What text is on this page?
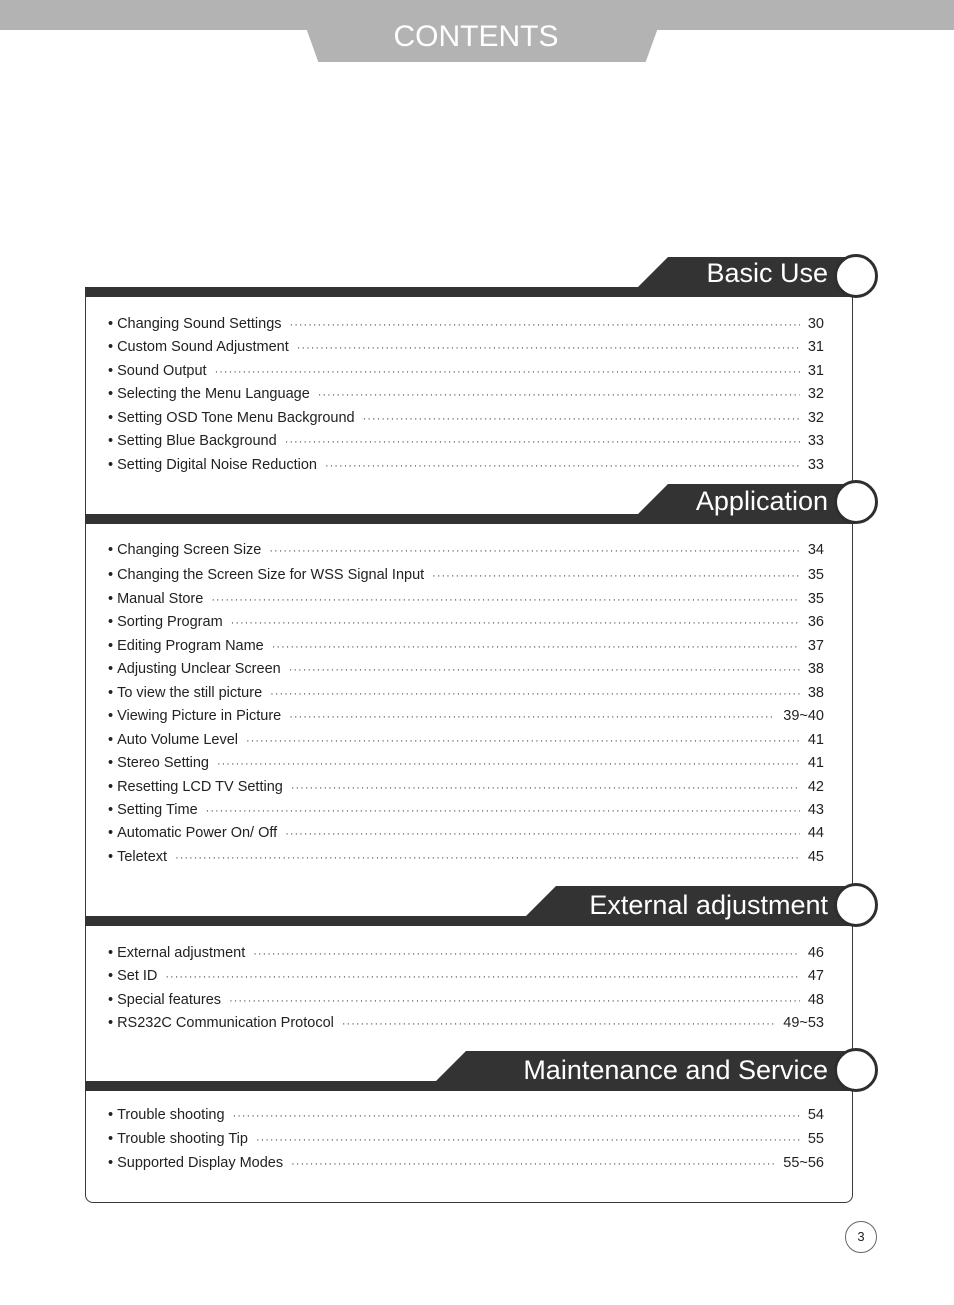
CONTENTS
Basic Use
Application
External adjustment
Maintenance and Service
• Changing Sound Settings ·····	30
• Custom Sound Adjustment ·····	31
• Sound Output ·····	31
• Selecting the Menu Language ·····	32
• Setting OSD Tone Menu Background ·····	32
• Setting Blue Background ·····	33
• Setting Digital Noise Reduction ·····	33
• Changing Screen Size ·····	34
• Changing the Screen Size for WSS Signal Input ·····	35
• Manual Store ·····	35
• Sorting Program ·····	36
• Editing Program Name ·····	37
• Adjusting Unclear Screen ·····	38
• To view the still picture ·····	38
• Viewing Picture in Picture ·····	39~40
• Auto Volume Level ·····	41
• Stereo Setting ·····	41
• Resetting LCD TV Setting ·····	42
• Setting Time ·····	43
• Automatic Power On/ Off ·····	44
• Teletext ·····	45
• External adjustment ·····	46
• Set ID ·····	47
• Special features ·····	48
• RS232C Communication Protocol ·····	49~53
• Trouble shooting ·····	54
• Trouble shooting Tip ·····	55
• Supported Display Modes ·····	55~56
3
